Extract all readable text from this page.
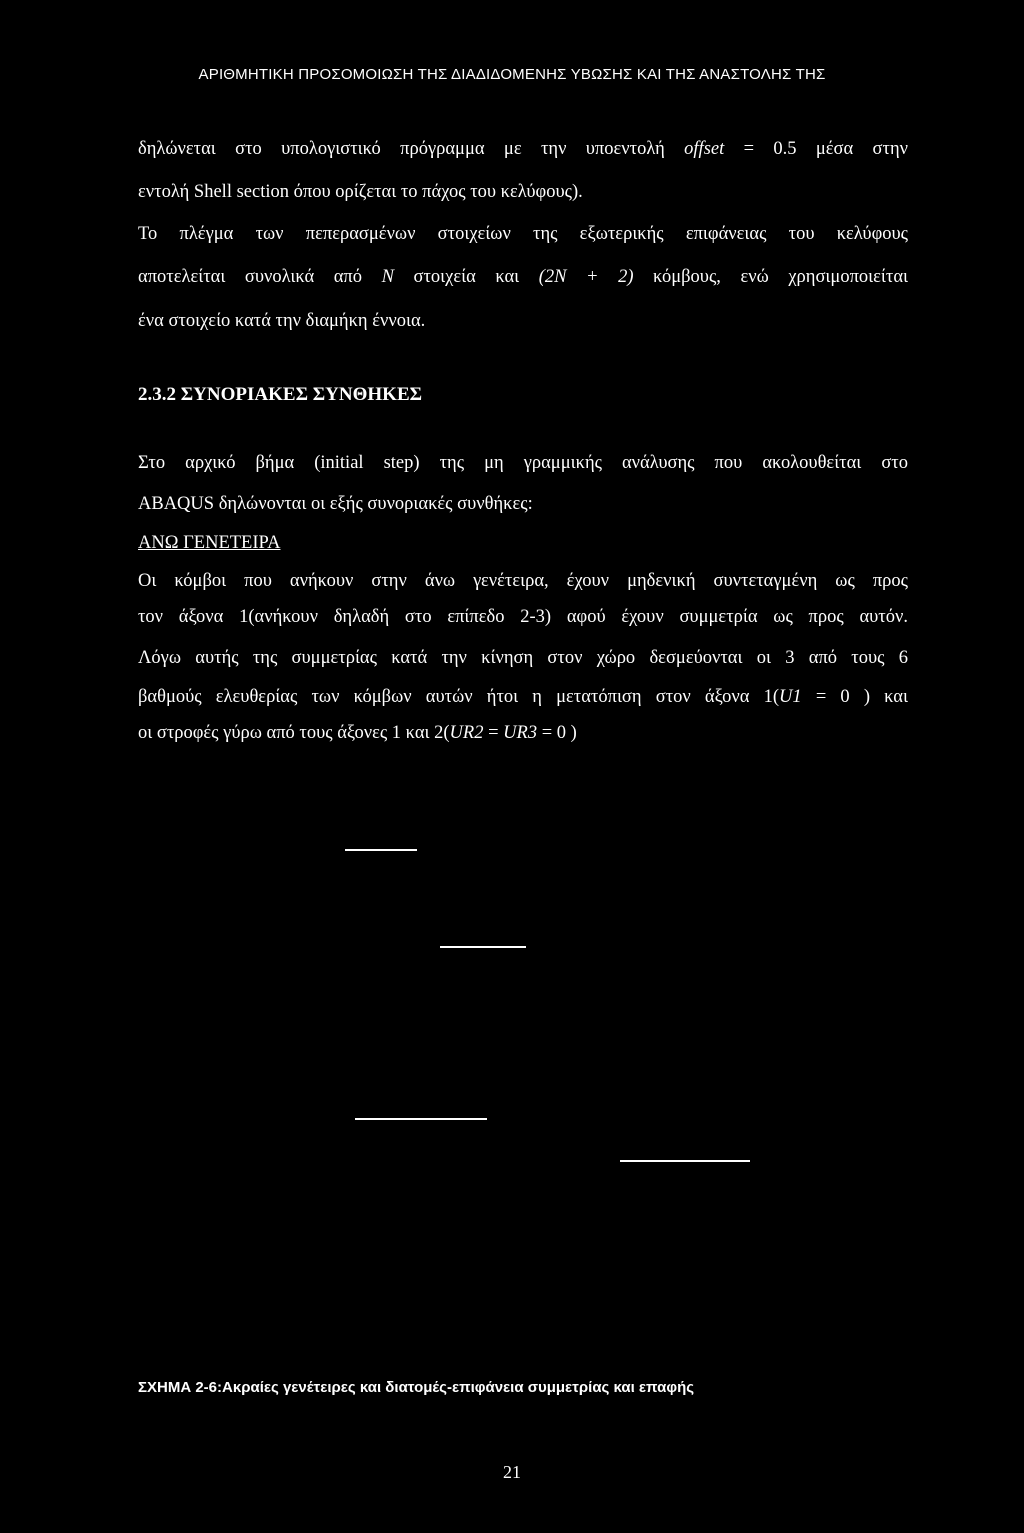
ΑΡΙΘΜΗΤΙΚΗ ΠΡΟΣΟΜΟΙΩΣΗ ΤΗΣ ΔΙΑΔΙΔΟΜΕΝΗΣ ΥΒΩΣΗΣ ΚΑΙ ΤΗΣ ΑΝΑΣΤΟΛΗΣ ΤΗΣ
δηλώνεται στο υπολογιστικό πρόγραμμα με την υποεντολή offset = 0.5 μέσα στην
εντολή Shell section όπου ορίζεται το πάχος του κελύφους).
Το πλέγμα των πεπερασμένων στοιχείων της εξωτερικής επιφάνειας του κελύφους
αποτελείται συνολικά από N στοιχεία και (2N + 2) κόμβους, ενώ χρησιμοποιείται
ένα στοιχείο κατά την διαμήκη έννοια.
2.3.2 ΣΥΝΟΡΙΑΚΕΣ ΣΥΝΘΗΚΕΣ
Στο αρχικό βήμα (initial step) της μη γραμμικής ανάλυσης που ακολουθείται στο
ABAQUS δηλώνονται οι εξής συνοριακές συνθήκες:
ΑΝΩ ΓΕΝΕΤΕΙΡΑ
Οι κόμβοι που ανήκουν στην άνω γενέτειρα, έχουν μηδενική συντεταγμένη ως προς
τον άξονα 1(ανήκουν δηλαδή στο επίπεδο 2-3) αφού έχουν συμμετρία ως προς αυτόν.
Λόγω αυτής της συμμετρίας κατά την κίνηση στον χώρο δεσμεύονται οι 3 από τους 6
βαθμούς ελευθερίας των κόμβων αυτών ήτοι η μετατόπιση στον άξονα 1(U1 = 0 ) και
οι στροφές γύρω από τους άξονες 1 και 2(UR2 = UR3 = 0 )
ΣΧΗΜΑ 2-6:Ακραίες γενέτειρες και διατομές-επιφάνεια συμμετρίας και επαφής
21
